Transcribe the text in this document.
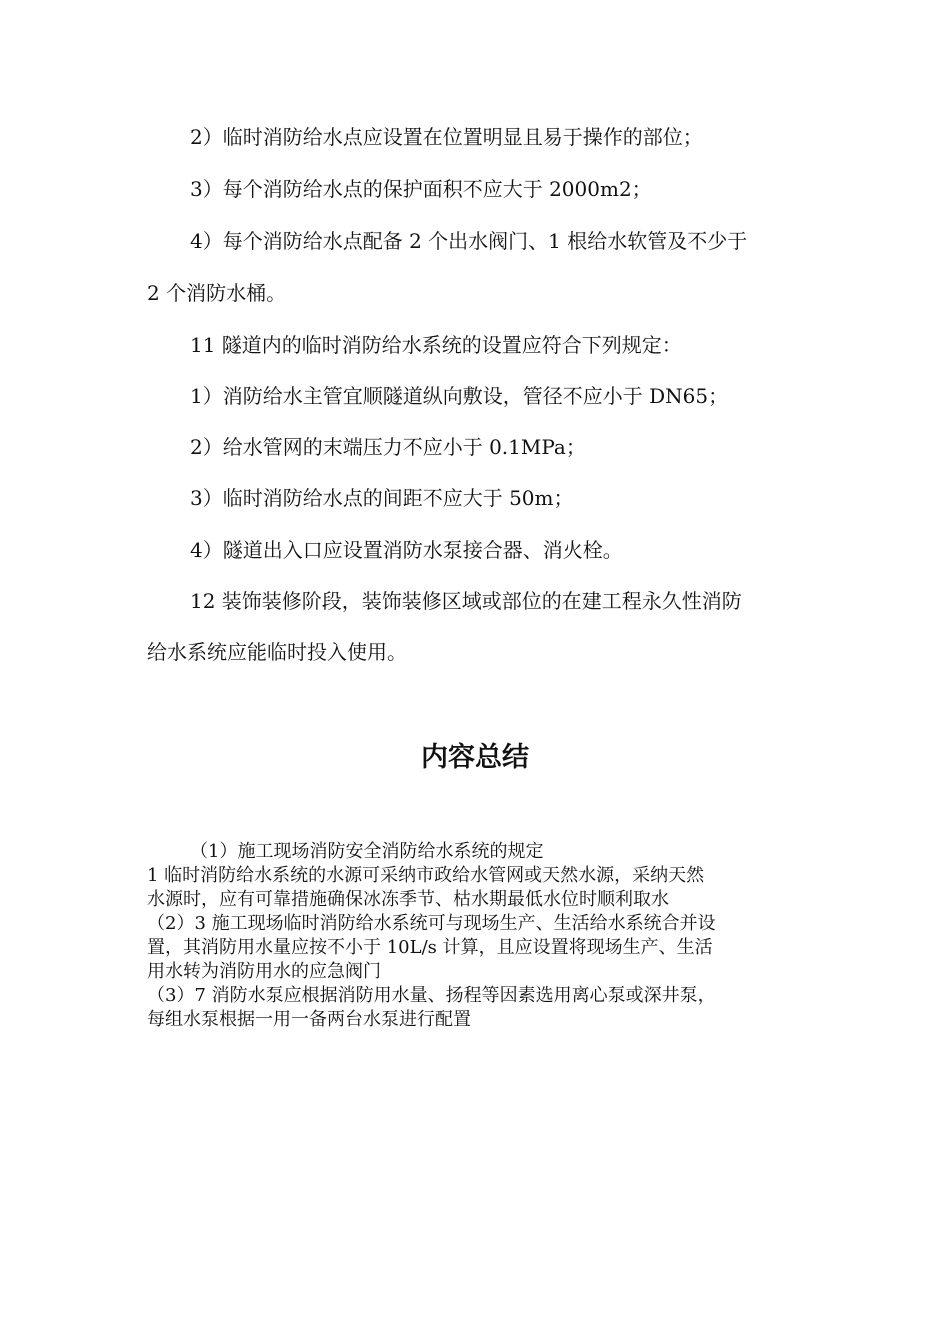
2）临时消防给水点应设置在位置明显且易于操作的部位；

3）每个消防给水点的保护面积不应大于 2000m2；

4）每个消防给水点配备 2 个出水阀门、1 根给水软管及不少于

2 个消防水桶。

11 隧道内的临时消防给水系统的设置应符合下列规定：

1）消防给水主管宜顺隧道纵向敷设，管径不应小于 DN65；

2）给水管网的末端压力不应小于 0.1MPa；

3）临时消防给水点的间距不应大于 50m；

4）隧道出入口应设置消防水泵接合器、消火栓。

12 装饰装修阶段，装饰装修区域或部位的在建工程永久性消防

给水系统应能临时投入使用。

内容总结

（1）施工现场消防安全消防给水系统的规定

1 临时消防给水系统的水源可采纳市政给水管网或天然水源，采纳天然

水源时，应有可靠措施确保冰冻季节、枯水期最低水位时顺利取水

（2）3 施工现场临时消防给水系统可与现场生产、生活给水系统合并设

置，其消防用水量应按不小于 10L/s 计算，且应设置将现场生产、生活

用水转为消防用水的应急阀门

（3）7 消防水泵应根据消防用水量、扬程等因素选用离心泵或深井泵，

每组水泵根据一用一备两台水泵进行配置
